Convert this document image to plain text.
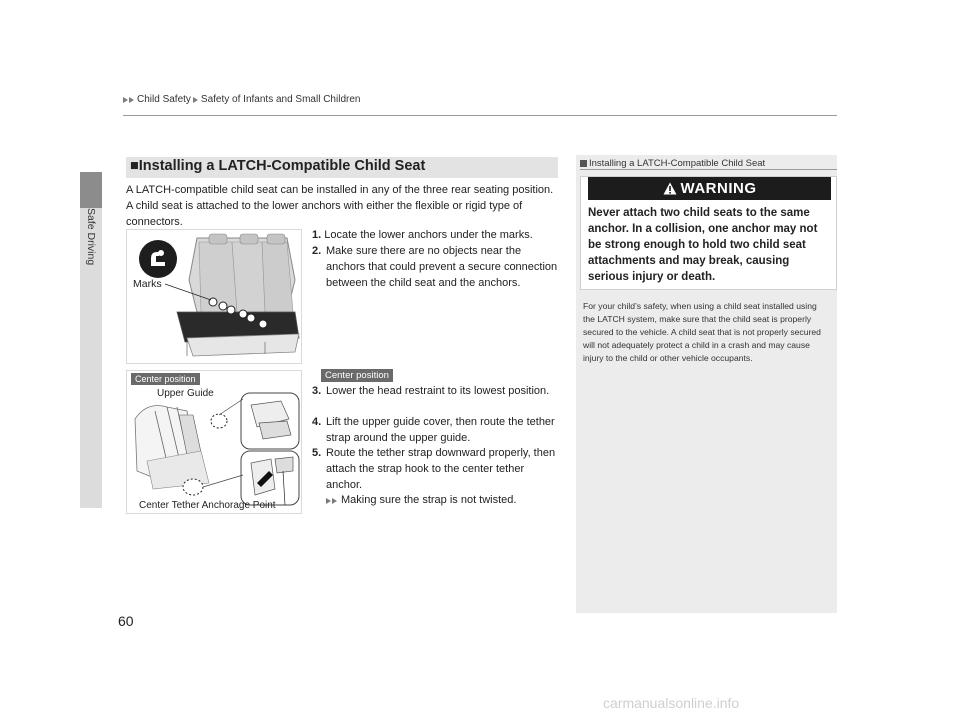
Child Safety Safety of Infants and Small Children
Safe Driving
■Installing a LATCH-Compatible Child Seat
A LATCH-compatible child seat can be installed in any of the three rear seating position. A child seat is attached to the lower anchors with either the flexible or rigid type of connectors.
Marks
1. Locate the lower anchors under the marks.
2. Make sure there are no objects near the anchors that could prevent a secure connection between the child seat and the anchors.
Center position
Center position
Upper Guide
Center Tether Anchorage Point
3. Lower the head restraint to its lowest position.
4. Lift the upper guide cover, then route the tether strap around the upper guide.
5. Route the tether strap downward properly, then attach the strap hook to the center tether anchor.
Making sure the strap is not twisted.
60
Installing a LATCH-Compatible Child Seat
WARNING
Never attach two child seats to the same anchor. In a collision, one anchor may not be strong enough to hold two child seat attachments and may break, causing serious injury or death.
For your child’s safety, when using a child seat installed using the LATCH system, make sure that the child seat is properly secured to the vehicle. A child seat that is not properly secured will not adequately protect a child in a crash and may cause injury to the child or other vehicle occupants.
carmanualsonline.info
